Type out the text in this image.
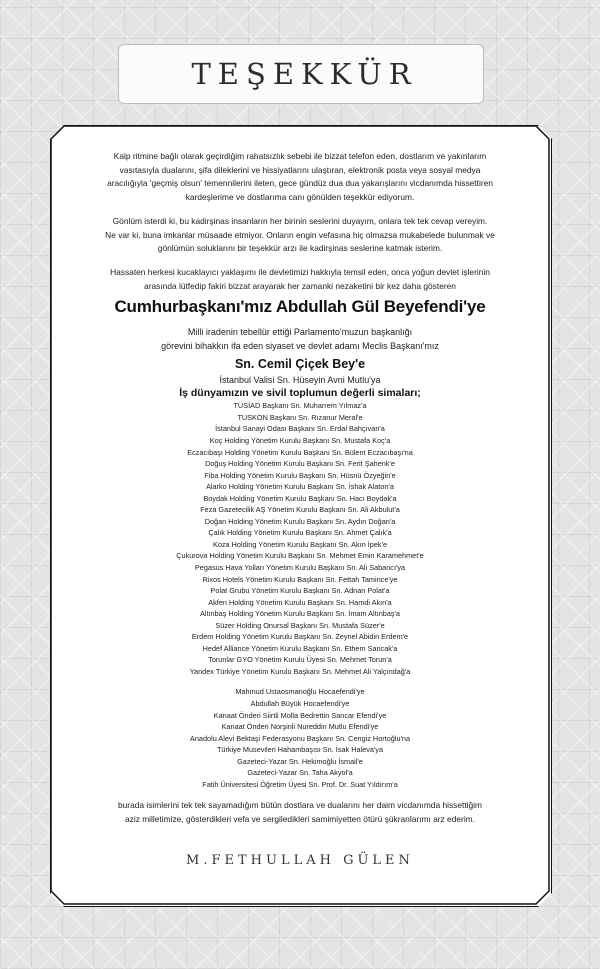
TEŞEKKÜR

Kalp ritmine bağlı olarak geçirdiğim rahatsızlık sebebi ile bizzat telefon eden, dostlarım ve yakınlarım

vasıtasıyla dualarını, şifa dileklerini ve hissiyatlarını ulaştıran, elektronik posta veya sosyal medya

aracılığıyla 'geçmiş olsun' temennilerini ileten, gece gündüz dua dua yakarışlarını vicdanımda hissettiren

kardeşlerime ve dostlarıma canı gönülden teşekkür ediyorum.

Gönlüm isterdi ki, bu kadirşinas insanların her birinin seslerini duyayım, onlara tek tek cevap vereyim.

Ne var ki, buna imkanlar müsaade etmiyor. Onların engin vefasına hiç olmazsa mukabelede bulunmak ve

gönlümün soluklarını bir teşekkür arzı ile kadirşinas seslerine katmak isterim.

Hassaten herkesi kucaklayıcı yaklaşımı ile devletimizi hakkıyla temsil eden, onca yoğun devlet işlerinin

arasında lütfedip fakiri bizzat arayarak her zamanki nezaketini bir kez daha gösteren

Cumhurbaşkanı'mız Abdullah Gül Beyefendi'ye

Milli iradenin tebellür ettiği Parlamento'muzun başkanlığı

görevini bihakkın ifa eden siyaset ve devlet adamı Meclis Başkanı'mız

Sn. Cemil Çiçek Bey'e

İstanbul Valisi Sn. Hüseyin Avni Mutlu'ya

İş dünyamızın ve sivil toplumun değerli simaları;

TÜSİAD Başkanı Sn. Muharrem Yılmaz'a

TUSKON Başkanı Sn. Rızanur Meral'e

İstanbul Sanayi Odası Başkanı Sn. Erdal Bahçıvan'a

Koç Holding Yönetim Kurulu Başkanı Sn. Mustafa Koç'a

Eczacıbaşı Holding Yönetim Kurulu Başkanı Sn. Bülent Eczacıbaşı'na

Doğuş Holding Yönetim Kurulu Başkanı Sn. Ferit Şahenk'e

Fiba Holding Yönetim Kurulu Başkanı Sn. Hüsnü Özyeğin'e

Alarko Holding Yönetim Kurulu Başkanı Sn. İshak Alaton'a

Boydak Holding Yönetim Kurulu Başkanı Sn. Hacı Boydak'a

Feza Gazetecilik AŞ Yönetim Kurulu Başkanı Sn. Ali Akbulut'a

Doğan Holding Yönetim Kurulu Başkanı Sn. Aydın Doğan'a

Çalık Holding Yönetim Kurulu Başkanı Sn. Ahmet Çalık'a

Koza Holding Yönetim Kurulu Başkanı Sn. Akın İpek'e

Çukurova Holding Yönetim Kurulu Başkanı Sn. Mehmet Emin Karamehmet'e

Pegasus Hava Yolları Yönetim Kurulu Başkanı Sn. Ali Sabancı'ya

Rixos Hotels Yönetim Kurulu Başkanı Sn. Fettah Tamince'ye

Polat Grubu Yönetim Kurulu Başkanı Sn. Adnan Polat'a

Akfen Holding Yönetim Kurulu Başkanı Sn. Hamdi Akın'a

Altınbaş Holding Yönetim Kurulu Başkanı Sn. İmam Altınbaş'a

Süzer Holding Onursal Başkanı Sn. Mustafa Süzer'e

Erdem Holding Yönetim Kurulu Başkanı Sn. Zeynel Abidin Erdem'e

Hedef Alliance Yönetim Kurulu Başkanı Sn. Ethem Sancak'a

Torunlar GYO Yönetim Kurulu Üyesi Sn. Mehmet Torun'a

Yandex Türkiye Yönetim Kurulu Başkanı Sn. Mehmet Ali Yalçındağ'a

Mahmud Ustaosmanoğlu Hocaefendi'ye

Abdullah Büyük Hocaefendi'ye

Kanaat Önderi Siirtli Molla Bedrettin Sancar Efendi'ye

Kanaat Önderi Norşinli Nureddin Mutlu Efendi'ye

Anadolu Alevi Bektaşi Federasyonu Başkanı Sn. Cengiz Hortoğlu'na

Türkiye Musevileri Hahambaşısı Sn. İsak Haleva'ya

Gazeteci-Yazar Sn. Hekimoğlu İsmail'e

Gazeteci-Yazar Sn. Taha Akyol'a

Fatih Üniversitesi Öğretim Üyesi Sn. Prof. Dr. Suat Yıldırım'a

burada isimlerini tek tek sayamadığım bütün dostlara ve dualarını her daim vicdanımda hissettiğim

aziz milletimize, gösterdikleri vefa ve sergiledikleri samimiyetten ötürü şükranlarımı arz ederim.

M.FETHULLAH GÜLEN
